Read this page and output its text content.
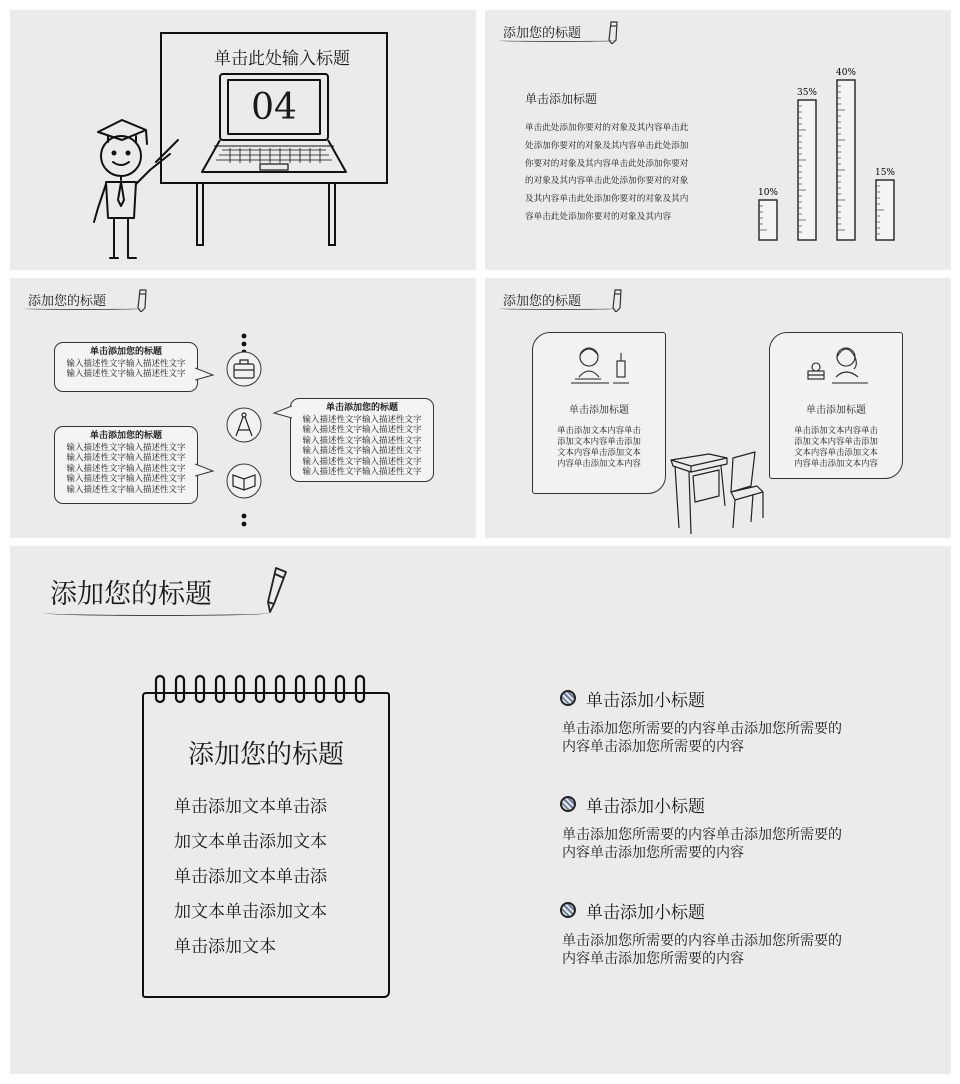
单击此处输入标题
04
添加您的标题
单击添加标题
单击此处添加你要对的对象及其内容单击此
处添加你要对的对象及其内容单击此处添加
你要对的对象及其内容单击此处添加你要对
的对象及其内容单击此处添加你要对的对象
及其内容单击此处添加你要对的对象及其内
容单击此处添加你要对的对象及其内容
10%
35%
40%
15%
添加您的标题
单击添加您的标题
输入描述性文字输入描述性文字
输入描述性文字输入描述性文字
单击添加您的标题
输入描述性文字输入描述性文字
输入描述性文字输入描述性文字
输入描述性文字输入描述性文字
输入描述性文字输入描述性文字
输入描述性文字输入描述性文字
单击添加您的标题
输入描述性文字输入描述性文字
输入描述性文字输入描述性文字
输入描述性文字输入描述性文字
输入描述性文字输入描述性文字
输入描述性文字输入描述性文字
输入描述性文字输入描述性文字
添加您的标题
单击添加标题
单击添加文本内容单击
添加文本内容单击添加
文本内容单击添加文本
内容单击添加文本内容
单击添加标题
单击添加文本内容单击
添加文本内容单击添加
文本内容单击添加文本
内容单击添加文本内容
添加您的标题
添加您的标题
单击添加文本单击添
加文本单击添加文本
单击添加文本单击添
加文本单击添加文本
单击添加文本
单击添加小标题
单击添加您所需要的内容单击添加您所需要的
内容单击添加您所需要的内容
单击添加小标题
单击添加您所需要的内容单击添加您所需要的
内容单击添加您所需要的内容
单击添加小标题
单击添加您所需要的内容单击添加您所需要的
内容单击添加您所需要的内容
